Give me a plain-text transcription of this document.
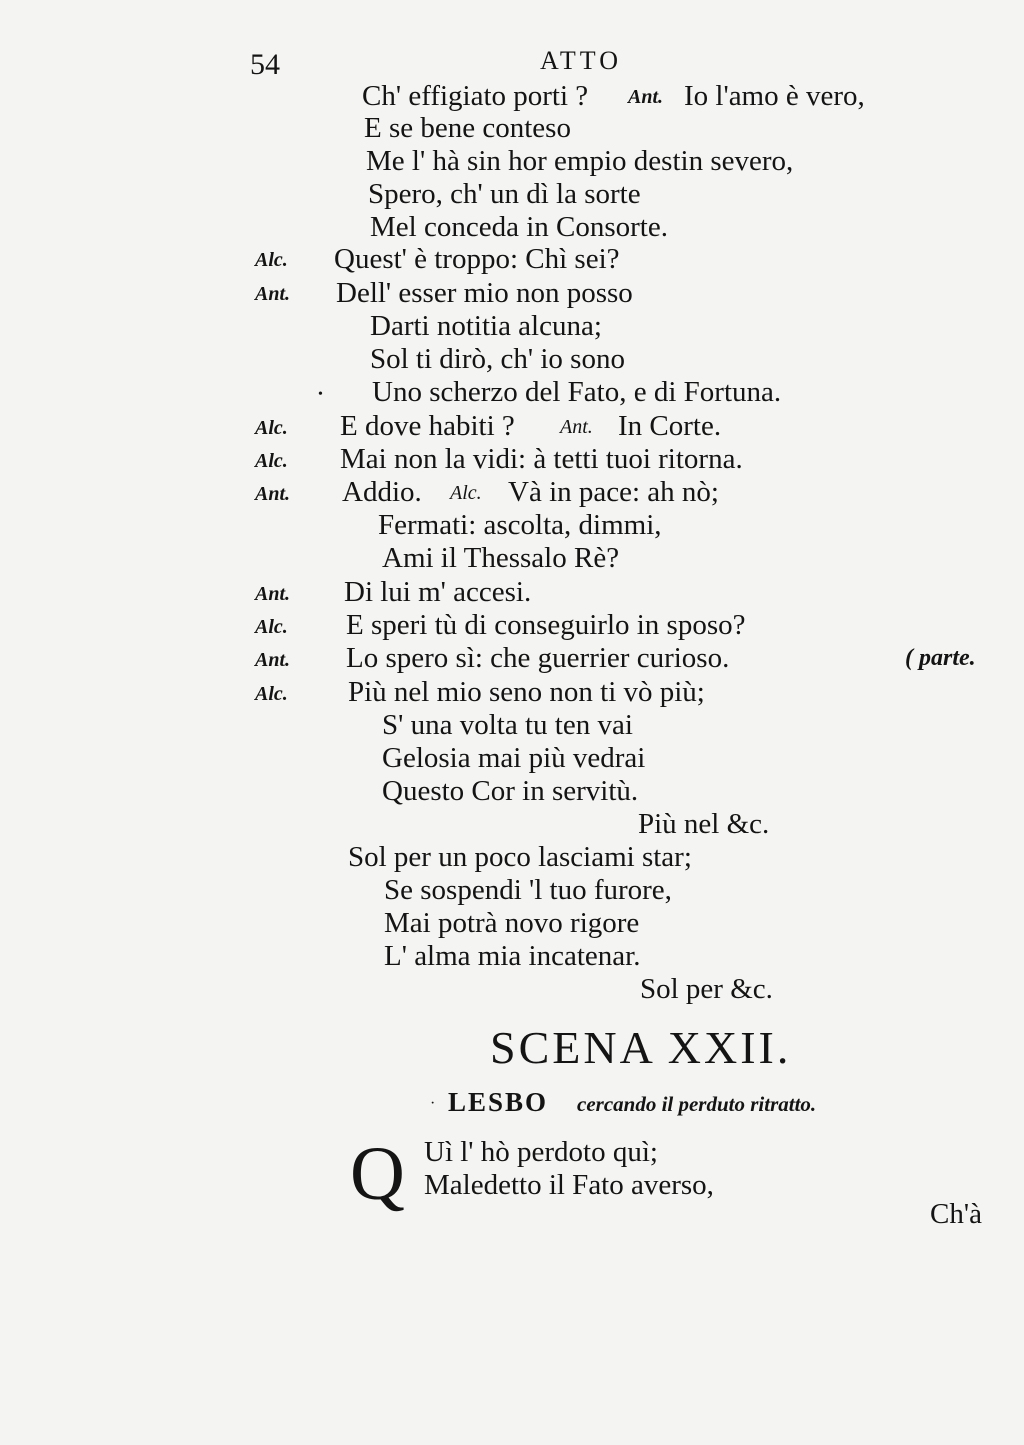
54	ATTO
Ch' effigiato porti ? Ant. Io l'amo è vero,
E se bene conteso
Me l' hà sin hor empio destin severo,
Spero, ch' un dì la sorte
Mel conceda in Consorte.
Alc. Quest' è troppo: Chì sei?
Ant. Dell' esser mio non posso
Darti notitia alcuna;
Sol ti dirò, ch' io sono
• Uno scherzo del Fato, e di Fortuna.
Alc. E dove habiti ? Ant. In Corte.
Alc. Mai non la vidi: à tetti tuoi ritorna.
Ant. Addio. Alc. Và in pace: ah nò;
Fermati: ascolta, dimmi,
Ami il Thessalo Rè?
Ant. Di lui m' accesi.
Alc. E speri tù di conseguirlo in sposo?
Ant. Lo spero sì: che guerrier curioso.	( parte.
Alc. Più nel mio seno non ti vò più;
S' una volta tu ten vai
Gelosia mai più vedrai
Questo Cor in servitù.
Più nel &c.
Sol per un poco lasciami star;
Se sospendi 'l tuo furore,
Mai potrà novo rigore
L' alma mia incatenar.
Sol per &c.
SCENA XXII.
· LESBO cercando il perduto ritratto.
Q Uì l' hò perdoto quì;
Maledetto il Fato averso,
Ch'à
